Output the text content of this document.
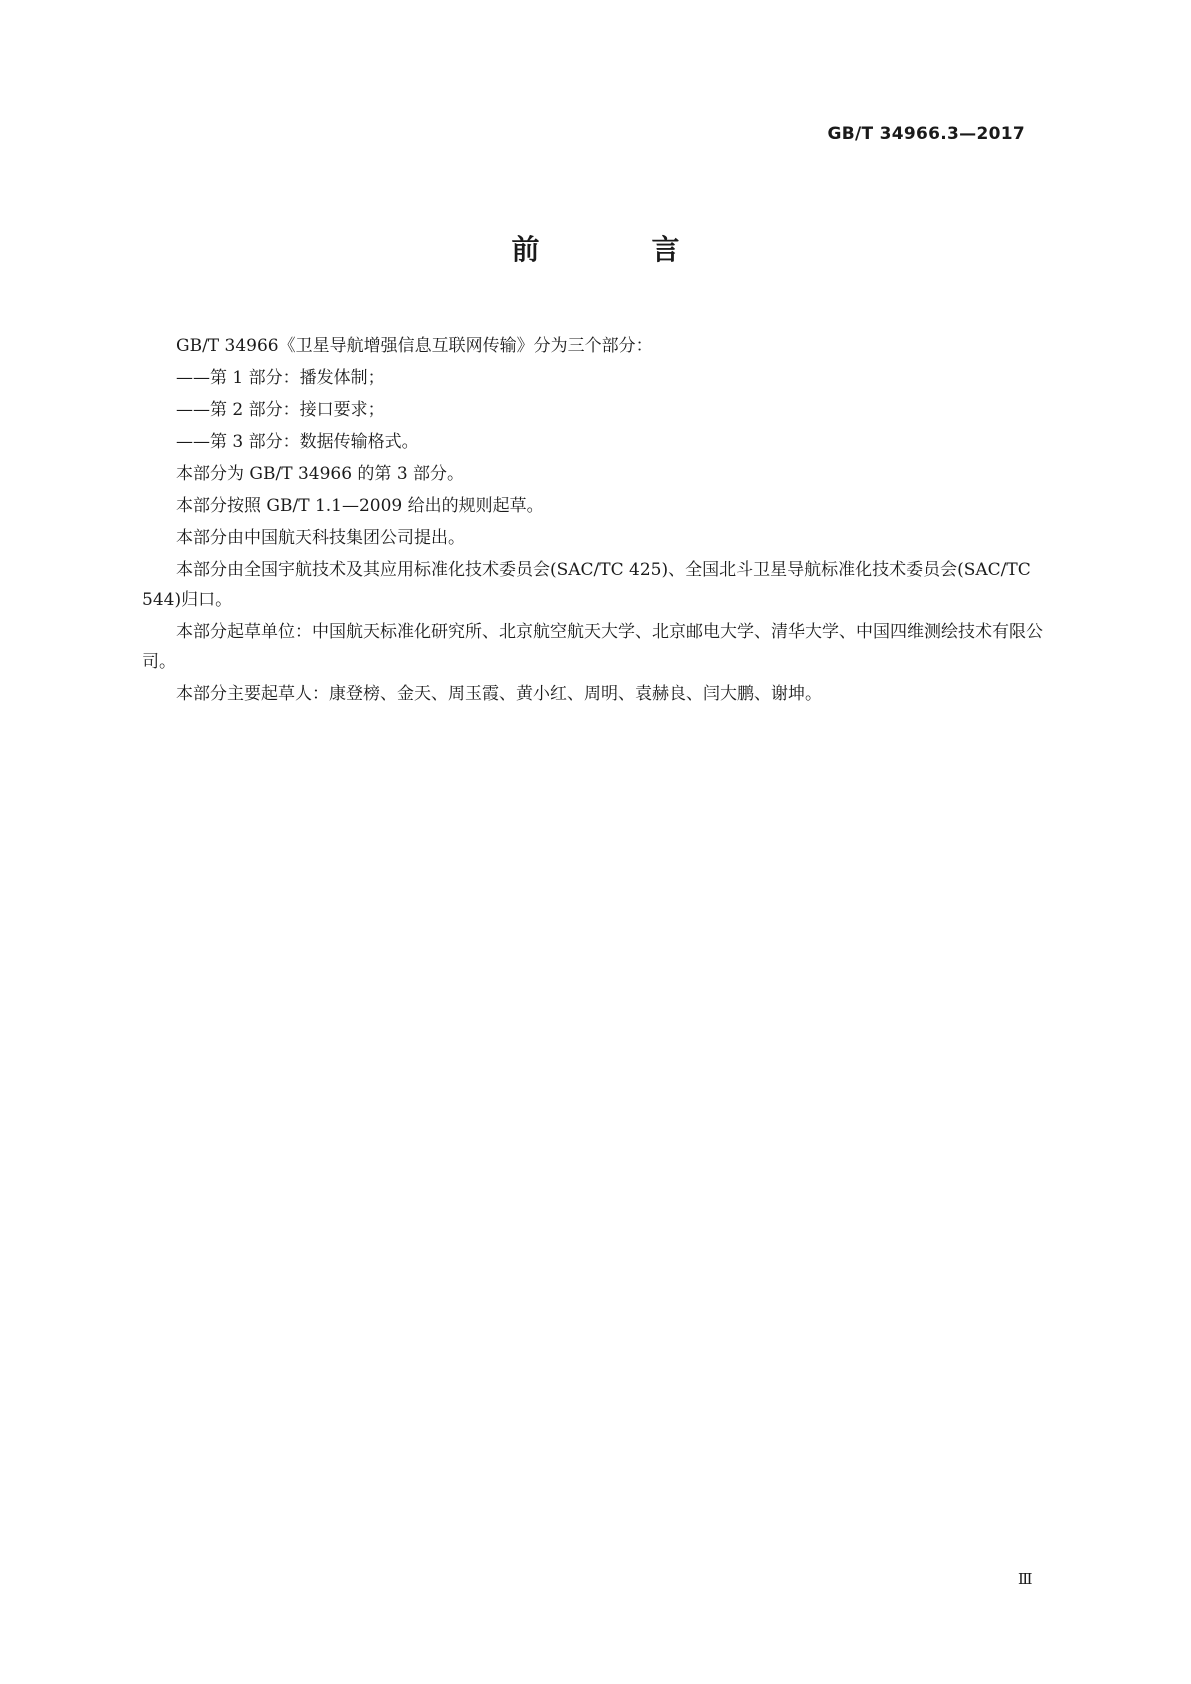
GB/T 34966.3—2017
前　言

GB/T 34966《卫星导航增强信息互联网传输》分为三个部分：

——第 1 部分：播发体制；

——第 2 部分：接口要求；

——第 3 部分：数据传输格式。

本部分为 GB/T 34966 的第 3 部分。

本部分按照 GB/T 1.1—2009 给出的规则起草。

本部分由中国航天科技集团公司提出。

本部分由全国宇航技术及其应用标准化技术委员会(SAC/TC 425)、全国北斗卫星导航标准化技术委员会(SAC/TC 544)归口。

本部分起草单位：中国航天标准化研究所、北京航空航天大学、北京邮电大学、清华大学、中国四维测绘技术有限公司。

本部分主要起草人：康登榜、金天、周玉霞、黄小红、周明、袁赫良、闫大鹏、谢坤。

Ⅲ
